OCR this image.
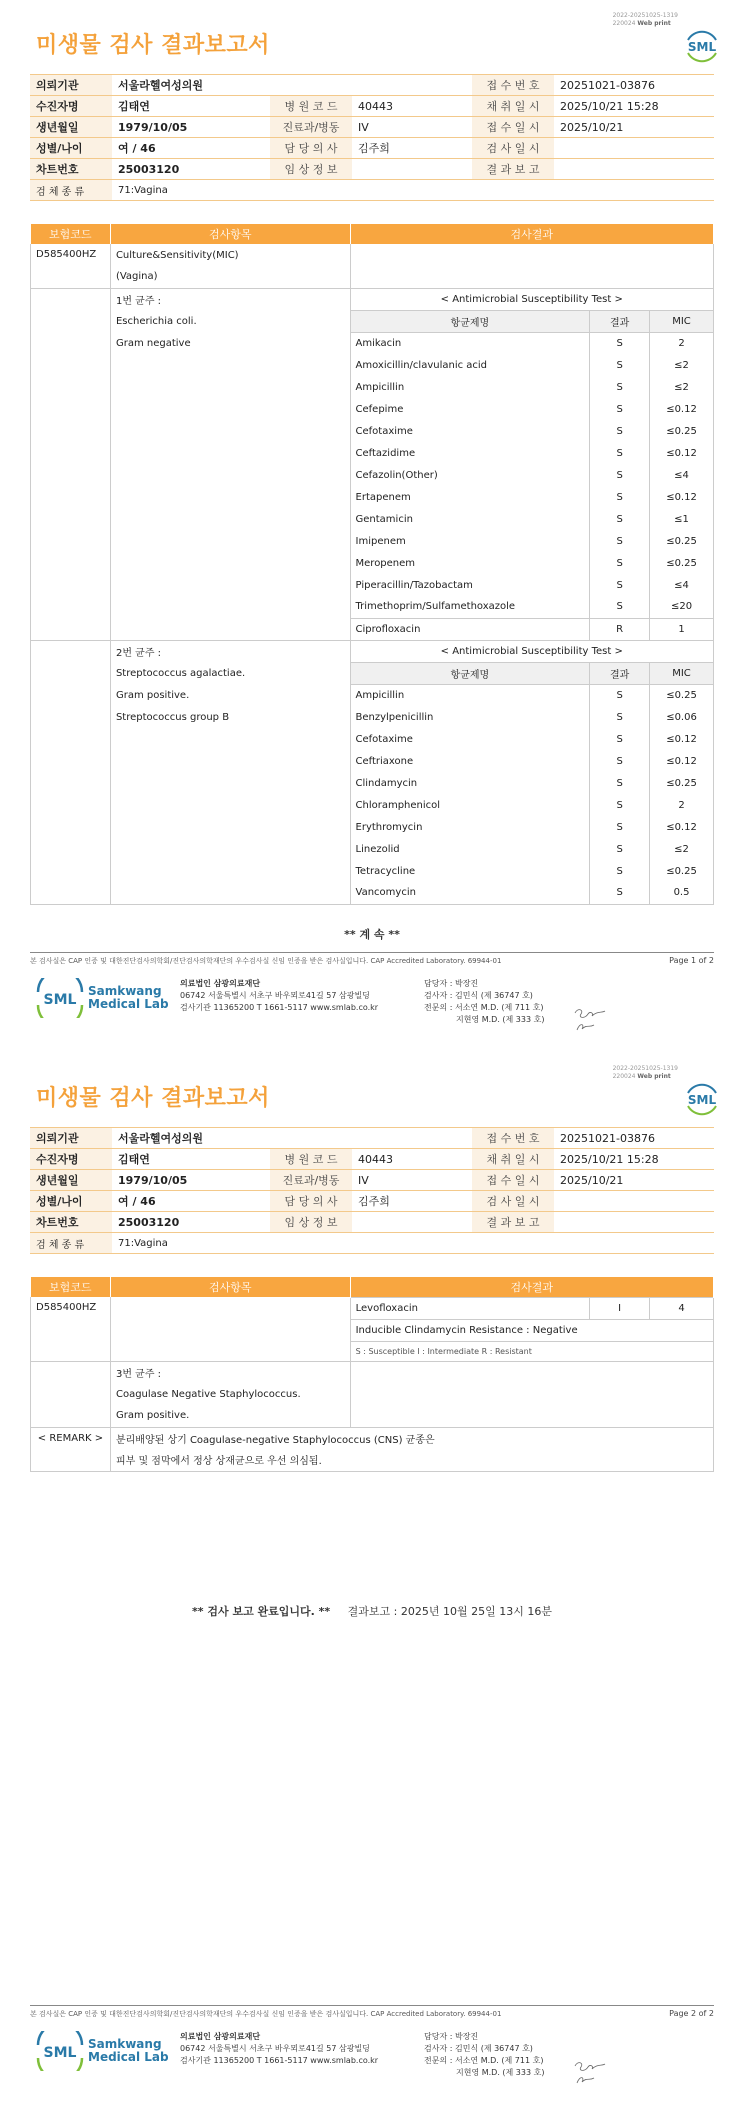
2022-20251025-1319
220024 Web print
SML
미생물 검사 결과보고서
의뢰기관	서울라헬여성의원			접 수 번 호	20251021-03876
수진자명	김태연	병 원 코 드	40443	채 취 일 시	2025/10/21 15:28
생년월일	1979/10/05	진료과/병동	IV	접 수 일 시	2025/10/21
성별/나이	여 / 46	담 당 의 사	김주희	검 사 일 시	
차트번호	25003120	임 상 정 보		결 과 보 고	
검 체 종 류	71:Vagina				
보험코드	검사항목	검사결과		
D585400HZ	Culture&Sensitivity(MIC)			
	(Vagina)			
	1번 균주 :	< Antimicrobial Susceptibility Test >		
	Escherichia coli.	항균제명	결과	MIC
	Gram negative	Amikacin	S	2
		Amoxicillin/clavulanic acid	S	≤2
		Ampicillin	S	≤2
		Cefepime	S	≤0.12
		Cefotaxime	S	≤0.25
		Ceftazidime	S	≤0.12
		Cefazolin(Other)	S	≤4
		Ertapenem	S	≤0.12
		Gentamicin	S	≤1
		Imipenem	S	≤0.25
		Meropenem	S	≤0.25
		Piperacillin/Tazobactam	S	≤4
		Trimethoprim/Sulfamethoxazole	S	≤20
		Ciprofloxacin	R	1
	2번 균주 :	< Antimicrobial Susceptibility Test >		
	Streptococcus agalactiae.	항균제명	결과	MIC
	Gram positive.	Ampicillin	S	≤0.25
	Streptococcus group B	Benzylpenicillin	S	≤0.06
		Cefotaxime	S	≤0.12
		Ceftriaxone	S	≤0.12
		Clindamycin	S	≤0.25
		Chloramphenicol	S	2
		Erythromycin	S	≤0.12
		Linezolid	S	≤2
		Tetracycline	S	≤0.25
		Vancomycin	S	0.5
** 계 속 **
본 검사실은 CAP 인증 및 대한진단검사의학회/진단검사의학재단의 우수검사실 신임 인증을 받은 검사실입니다. CAP Accredited Laboratory. 69944-01	Page 1 of 2
SML
Samkwang
Medical Lab
의료법인 삼광의료재단
06742 서울특별시 서초구 바우뫼로41길 57 삼광빌딩
검사기관 11365200 T 1661-5117 www.smlab.co.kr
담당자 : 박장진
검사자 : 김민식 (제 36747 호)
전문의 : 서소연 M.D. (제 711 호)
지현영 M.D. (제 333 호)
2022-20251025-1319
220024 Web print
SML
미생물 검사 결과보고서
의뢰기관	서울라헬여성의원			접 수 번 호	20251021-03876
수진자명	김태연	병 원 코 드	40443	채 취 일 시	2025/10/21 15:28
생년월일	1979/10/05	진료과/병동	IV	접 수 일 시	2025/10/21
성별/나이	여 / 46	담 당 의 사	김주희	검 사 일 시	
차트번호	25003120	임 상 정 보		결 과 보 고	
검 체 종 류	71:Vagina				
보험코드	검사항목	검사결과		
D585400HZ		Levofloxacin	I	4
		Inducible Clindamycin Resistance : Negative		
		S : Susceptible I : Intermediate R : Resistant		
	3번 균주 :			
	Coagulase Negative Staphylococcus.			
	Gram positive.			
< REMARK >	분리배양된 상기 Coagulase-negative Staphylococcus (CNS) 균종은			
	피부 및 점막에서 정상 상재균으로 우선 의심됨.			
** 검사 보고 완료입니다. ** 결과보고 : 2025년 10월 25일 13시 16분
본 검사실은 CAP 인증 및 대한진단검사의학회/진단검사의학재단의 우수검사실 신임 인증을 받은 검사실입니다. CAP Accredited Laboratory. 69944-01	Page 2 of 2
SML
Samkwang
Medical Lab
의료법인 삼광의료재단
06742 서울특별시 서초구 바우뫼로41길 57 삼광빌딩
검사기관 11365200 T 1661-5117 www.smlab.co.kr
담당자 : 박장진
검사자 : 김민식 (제 36747 호)
전문의 : 서소연 M.D. (제 711 호)
지현영 M.D. (제 333 호)
